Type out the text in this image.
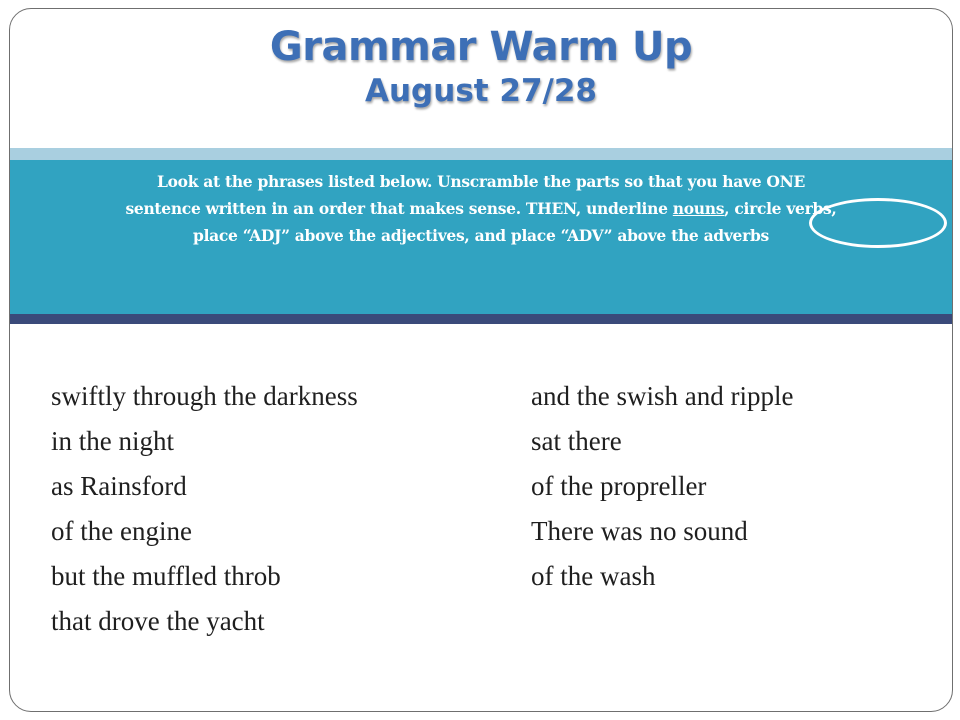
Grammar Warm Up
August 27/28
Look at the phrases listed below. Unscramble the parts so that you have ONE
sentence written in an order that makes sense. THEN, underline nouns, circle verbs,
place “ADJ” above the adjectives, and place “ADV” above the adverbs
swiftly through the darkness
in the night
as Rainsford
of the engine
but the muffled throb
that drove the yacht
and the swish and ripple
sat there
of the propreller
There was no sound
of the wash
